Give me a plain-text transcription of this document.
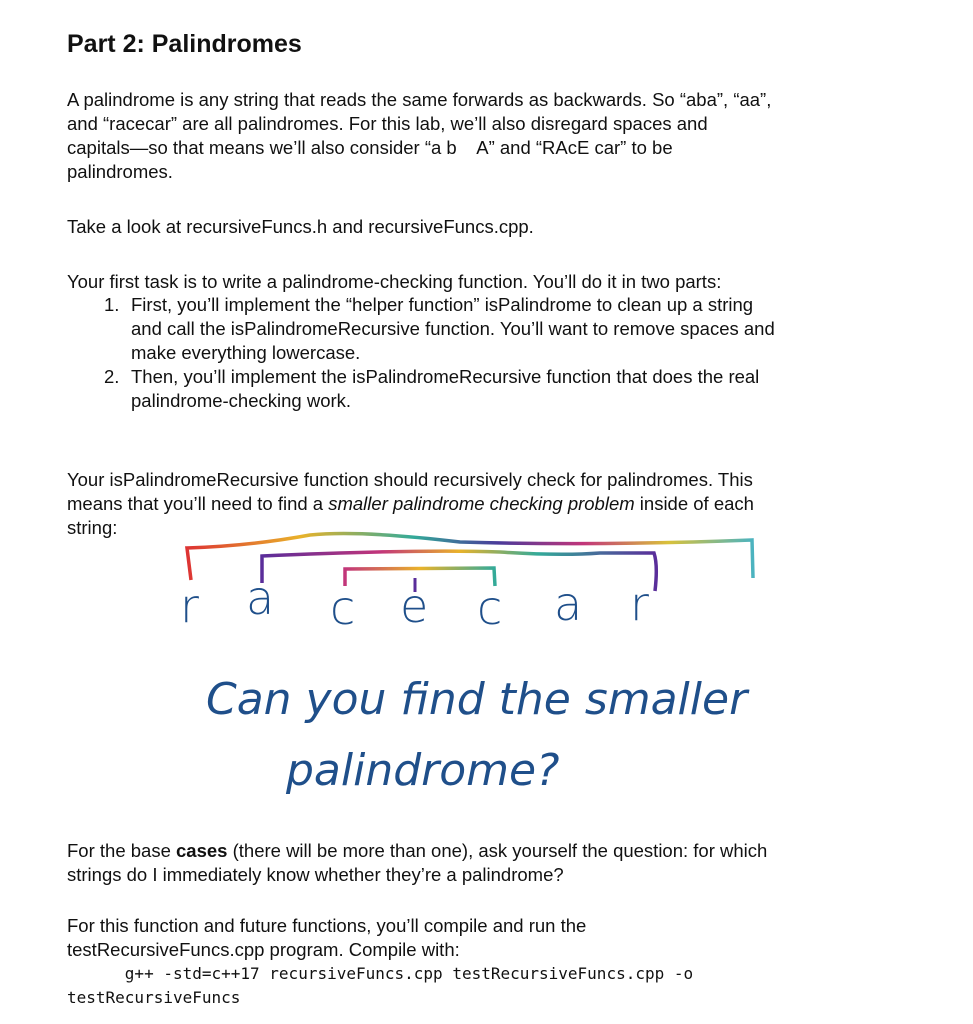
Part 2: Palindromes
A palindrome is any string that reads the same forwards as backwards. So “aba”, “aa”,
and “racecar” are all palindromes. For this lab, we’ll also disregard spaces and
capitals—so that means we’ll also consider “a b    A” and “RAcE car” to be
palindromes.
Take a look at recursiveFuncs.h and recursiveFuncs.cpp.
Your first task is to write a palindrome-checking function. You’ll do it in two parts:
1. First, you’ll implement the “helper function” isPalindrome to clean up a string
and call the isPalindromeRecursive function. You’ll want to remove spaces and
make everything lowercase.
2. Then, you’ll implement the isPalindromeRecursive function that does the real
palindrome-checking work.
Your isPalindromeRecursive function should recursively check for palindromes. This
means that you’ll need to find a smaller palindrome checking problem inside of each
string:
r a c e c a r
Can you find the smaller
palindrome?
For the base cases (there will be more than one), ask yourself the question: for which
strings do I immediately know whether they’re a palindrome?
For this function and future functions, you’ll compile and run the
testRecursiveFuncs.cpp program. Compile with:
g++ -std=c++17 recursiveFuncs.cpp testRecursiveFuncs.cpp -o
testRecursiveFuncs
